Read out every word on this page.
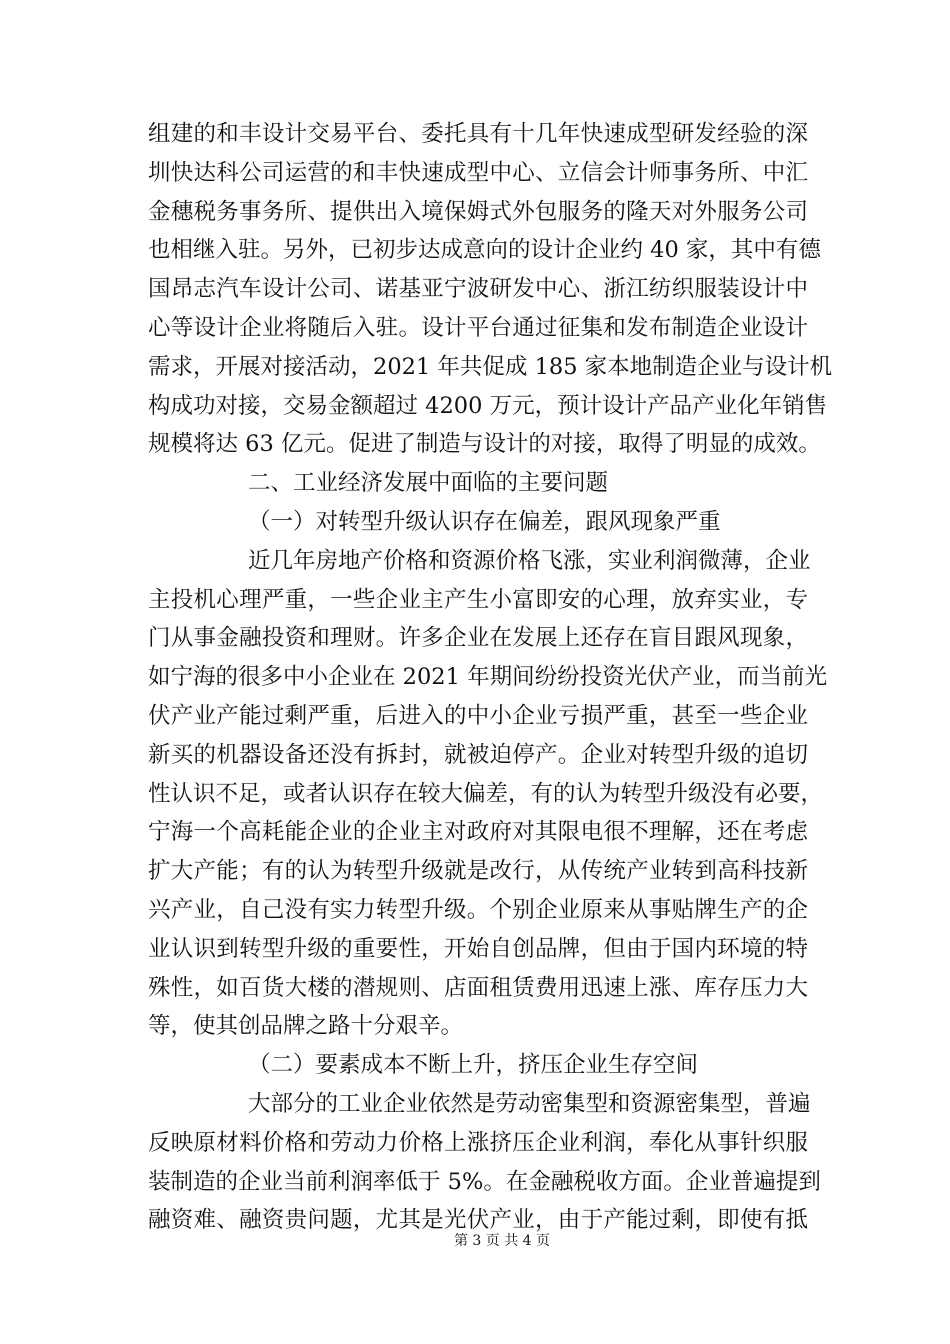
组建的和丰设计交易平台、委托具有十几年快速成型研发经验的深
圳快达科公司运营的和丰快速成型中心、立信会计师事务所、中汇
金穗税务事务所、提供出入境保姆式外包服务的隆天对外服务公司
也相继入驻。另外，已初步达成意向的设计企业约 40 家，其中有德
国昂志汽车设计公司、诺基亚宁波研发中心、浙江纺织服装设计中
心等设计企业将随后入驻。设计平台通过征集和发布制造企业设计
需求，开展对接活动，2021 年共促成 185 家本地制造企业与设计机
构成功对接，交易金额超过 4200 万元，预计设计产品产业化年销售
规模将达 63 亿元。促进了制造与设计的对接，取得了明显的成效。
二、工业经济发展中面临的主要问题
（一）对转型升级认识存在偏差，跟风现象严重
近几年房地产价格和资源价格飞涨，实业利润微薄，企业
主投机心理严重，一些企业主产生小富即安的心理，放弃实业，专
门从事金融投资和理财。许多企业在发展上还存在盲目跟风现象，
如宁海的很多中小企业在 2021 年期间纷纷投资光伏产业，而当前光
伏产业产能过剩严重，后进入的中小企业亏损严重，甚至一些企业
新买的机器设备还没有拆封，就被迫停产。企业对转型升级的追切
性认识不足，或者认识存在较大偏差，有的认为转型升级没有必要，
宁海一个高耗能企业的企业主对政府对其限电很不理解，还在考虑
扩大产能；有的认为转型升级就是改行，从传统产业转到高科技新
兴产业，自己没有实力转型升级。个别企业原来从事贴牌生产的企
业认识到转型升级的重要性，开始自创品牌，但由于国内环境的特
殊性，如百货大楼的潜规则、店面租赁费用迅速上涨、库存压力大
等，使其创品牌之路十分艰辛。
（二）要素成本不断上升，挤压企业生存空间
大部分的工业企业依然是劳动密集型和资源密集型，普遍
反映原材料价格和劳动力价格上涨挤压企业利润，奉化从事针织服
装制造的企业当前利润率低于 5%。在金融税收方面。企业普遍提到
融资难、融资贵问题，尤其是光伏产业，由于产能过剩，即使有抵
第 3 页 共 4 页
